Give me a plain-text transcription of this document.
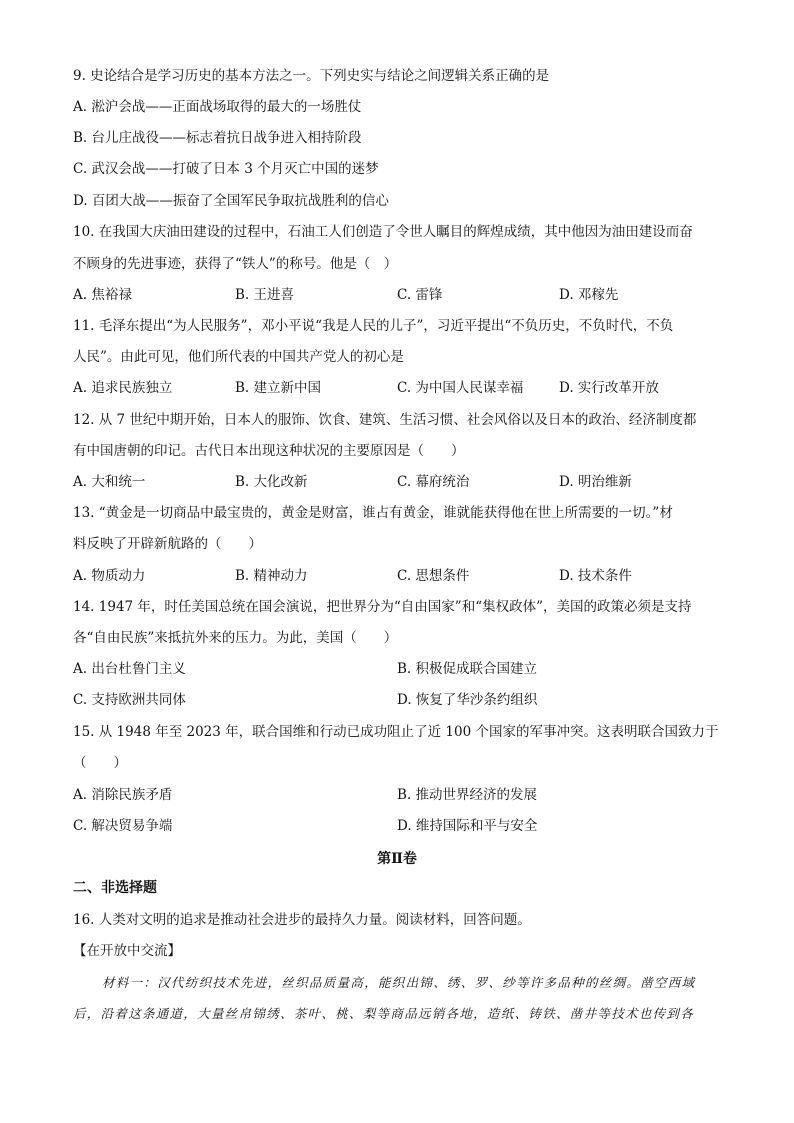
9. 史论结合是学习历史的基本方法之一。下列史实与结论之间逻辑关系正确的是
A. 淞沪会战——正面战场取得的最大的一场胜仗
B. 台儿庄战役——标志着抗日战争进入相持阶段
C. 武汉会战——打破了日本 3 个月灭亡中国的迷梦
D. 百团大战——振奋了全国军民争取抗战胜利的信心
10. 在我国大庆油田建设的过程中，石油工人们创造了令世人瞩目的辉煌成绩，其中他因为油田建设而奋
不顾身的先进事迹，获得了“铁人”的称号。他是（　）
A. 焦裕禄	B. 王进喜	C. 雷锋	D. 邓稼先
11. 毛泽东提出“为人民服务”，邓小平说“我是人民的儿子”，习近平提出“不负历史，不负时代，不负
人民”。由此可见，他们所代表的中国共产党人的初心是
A. 追求民族独立	B. 建立新中国	C. 为中国人民谋幸福	D. 实行改革开放
12. 从 7 世纪中期开始，日本人的服饰、饮食、建筑、生活习惯、社会风俗以及日本的政治、经济制度都
有中国唐朝的印记。古代日本出现这种状况的主要原因是（　　）
A. 大和统一	B. 大化改新	C. 幕府统治	D. 明治维新
13. “黄金是一切商品中最宝贵的，黄金是财富，谁占有黄金，谁就能获得他在世上所需要的一切。”材
料反映了开辟新航路的（　　）
A. 物质动力	B. 精神动力	C. 思想条件	D. 技术条件
14. 1947 年，时任美国总统在国会演说，把世界分为“自由国家”和“集权政体”，美国的政策必须是支持
各“自由民族”来抵抗外来的压力。为此，美国（　　）
A. 出台杜鲁门主义	B. 积极促成联合国建立
C. 支持欧洲共同体	D. 恢复了华沙条约组织
15. 从 1948 年至 2023 年，联合国维和行动已成功阻止了近 100 个国家的军事冲突。这表明联合国致力于
（　　）
A. 消除民族矛盾	B. 推动世界经济的发展
C. 解决贸易争端	D. 维持国际和平与安全
第Ⅱ卷
二、非选择题
16. 人类对文明的追求是推动社会进步的最持久力量。阅读材料，回答问题。
【在开放中交流】
材料一：汉代纺织技术先进，丝织品质量高，能织出锦、绣、罗、纱等许多品种的丝绸。凿空西域
后，沿着这条通道，大量丝帛锦绣、茶叶、桃、梨等商品远销各地，造纸、铸铁、凿井等技术也传到各
